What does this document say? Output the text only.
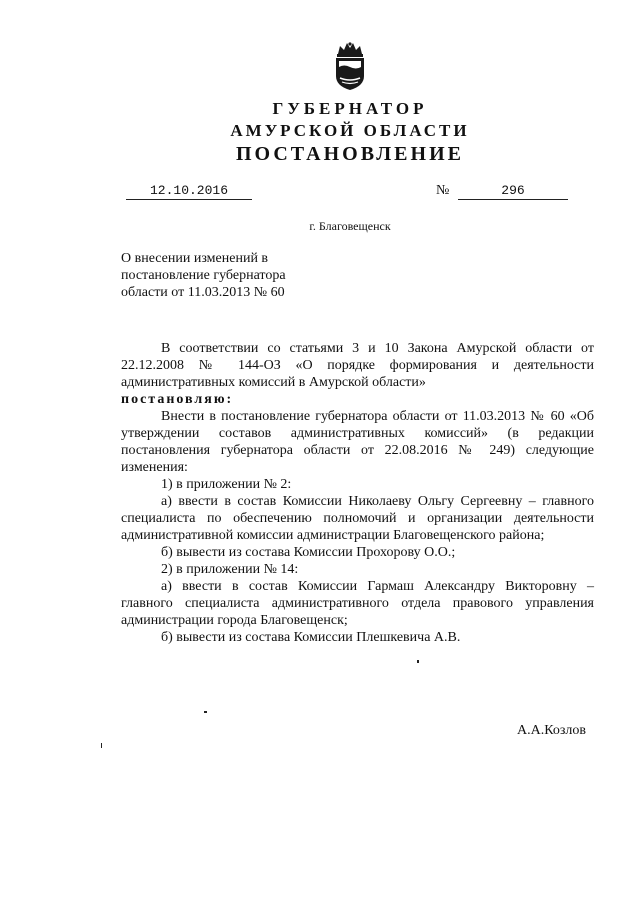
ГУБЕРНАТОР
АМУРСКОЙ ОБЛАСТИ
ПОСТАНОВЛЕНИЕ
12.10.2016	№	296
г. Благовещенск
О внесении изменений в постановление губернатора области от 11.03.2013 № 60

В соответствии со статьями 3 и 10 Закона Амурской области от 22.12.2008 № 144-ОЗ «О порядке формирования и деятельности административных комиссий в Амурской области»

постановляю:

Внести в постановление губернатора области от 11.03.2013 № 60 «Об утверждении составов административных комиссий» (в редакции постановления губернатора области от 22.08.2016 № 249) следующие изменения:

1) в приложении № 2:

а) ввести в состав Комиссии Николаеву Ольгу Сергеевну – главного специалиста по обеспечению полномочий и организации деятельности административной комиссии администрации Благовещенского района;

б) вывести из состава Комиссии Прохорову О.О.;

2) в приложении № 14:

а) ввести в состав Комиссии Гармаш Александру Викторовну – главного специалиста административного отдела правового управления администрации города Благовещенск;

б) вывести из состава Комиссии Плешкевича А.В.

А.А.Козлов
